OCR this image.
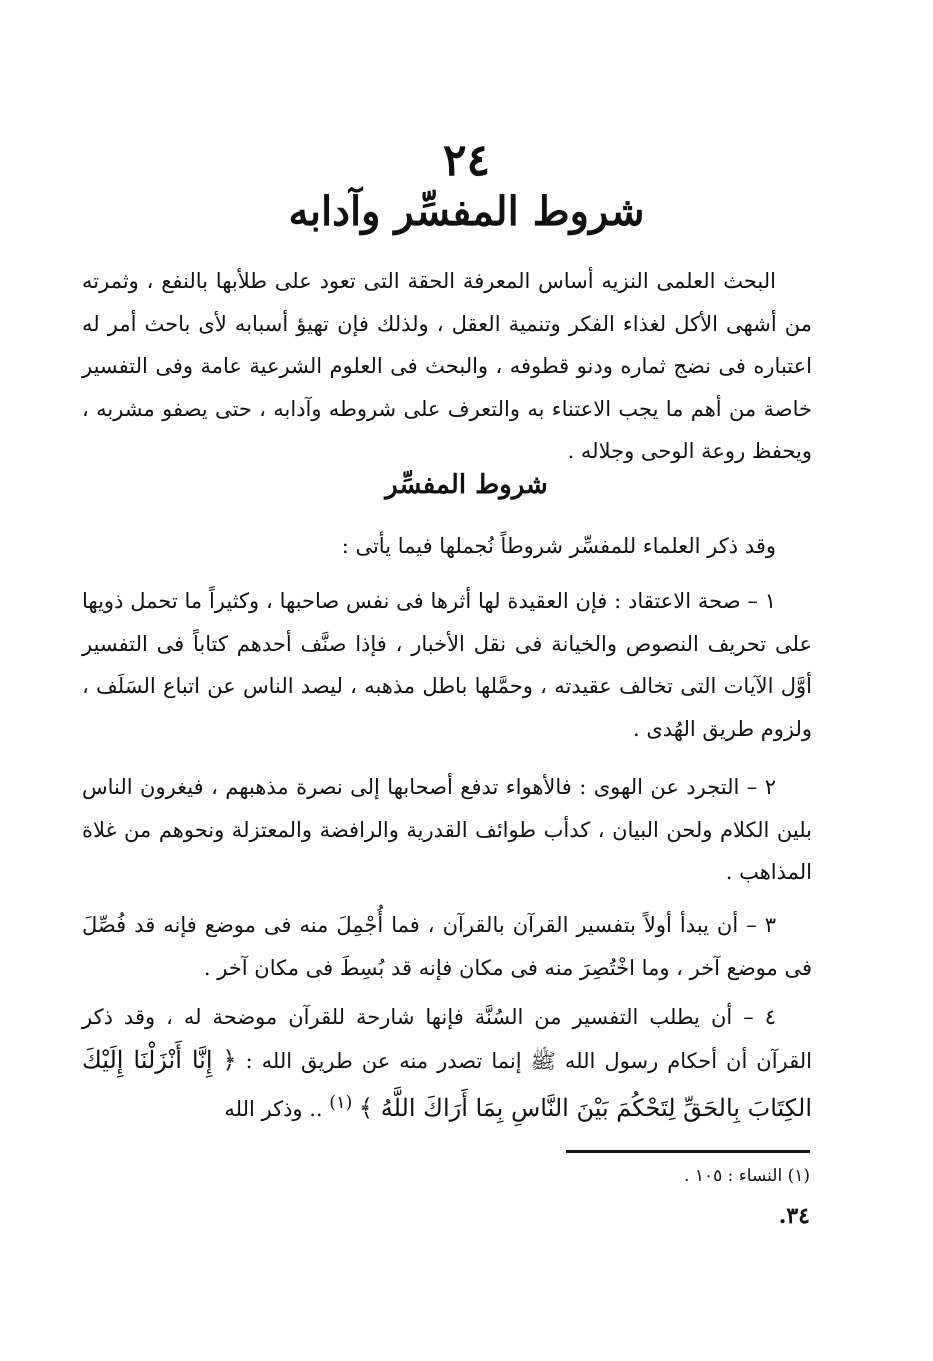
٢٤
شروط المفسِّر وآدابه

البحث العلمى النزيه أساس المعرفة الحقة التى تعود على طلأبها بالنفع ، وثمرته من أشهى الأكل لغذاء الفكر وتنمية العقل ، ولذلك فإن تهيؤ أسبابه لأى باحث أمر له اعتباره فى نضج ثماره ودنو قطوفه ، والبحث فى العلوم الشرعية عامة وفى التفسير خاصة من أهم ما يجب الاعتناء به والتعرف على شروطه وآدابه ، حتى يصفو مشربه ، ويحفظ روعة الوحى وجلاله .

شروط المفسِّر

وقد ذكر العلماء للمفسِّر شروطاً نُجملها فيما يأتى :

١ – صحة الاعتقاد : فإن العقيدة لها أثرها فى نفس صاحبها ، وكثيراً ما تحمل ذويها على تحريف النصوص والخيانة فى نقل الأخبار ، فإذا صنَّف أحدهم كتاباً فى التفسير أوَّل الآيات التى تخالف عقيدته ، وحمَّلها باطل مذهبه ، ليصد الناس عن اتباع السَلَف ، ولزوم طريق الهُدى .

٢ – التجرد عن الهوى : فالأهواء تدفع أصحابها إلى نصرة مذهبهم ، فيغرون الناس بلين الكلام ولحن البيان ، كدأب طوائف القدرية والرافضة والمعتزلة ونحوهم من غلاة المذاهب .

٣ – أن يبدأ أولاً بتفسير القرآن بالقرآن ، فما أُجْمِلَ منه فى موضع فإنه قد فُصِّلَ فى موضع آخر ، وما اخْتُصِرَ منه فى مكان فإنه قد بُسِطَ فى مكان آخر .

٤ – أن يطلب التفسير من السُنَّة فإنها شارحة للقرآن موضحة له ، وقد ذكر القرآن أن أحكام رسول الله ﷺ إنما تصدر منه عن طريق الله : ﴿ إِنَّا أَنْزَلْنَا إِلَيْكَ الكِتَابَ بِالحَقِّ لِتَحْكُمَ بَيْنَ النَّاسِ بِمَا أَرَاكَ اللَّهُ ﴾ $^{(١)}$ .. وذكر الله

(١) النساء : ١٠٥ .
٣٤.
